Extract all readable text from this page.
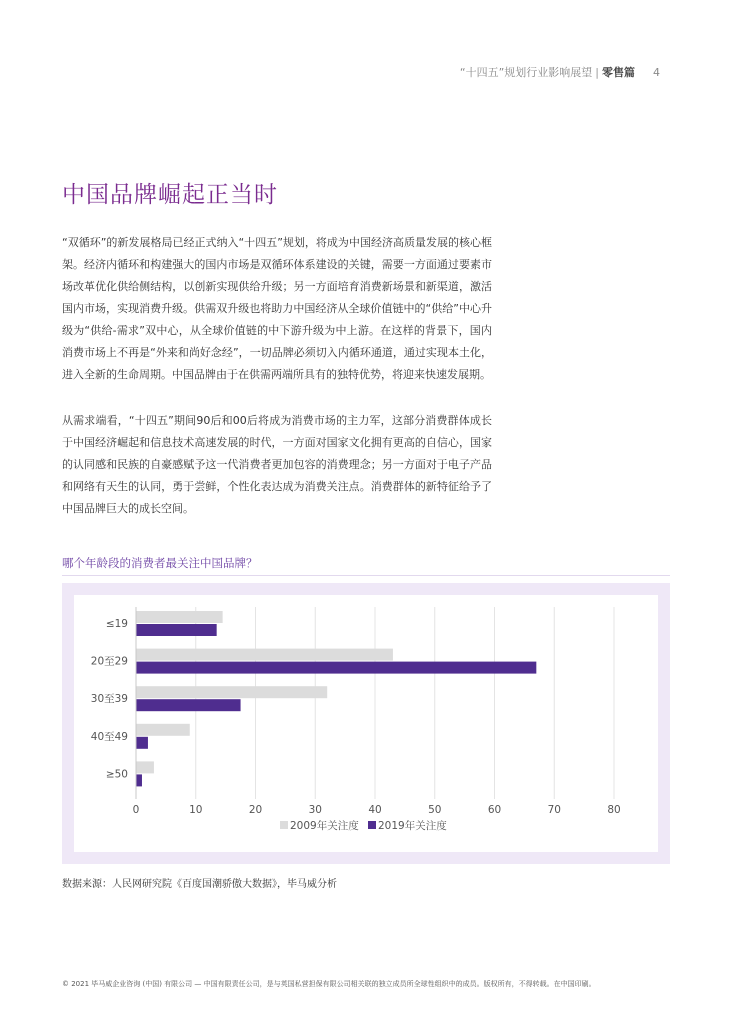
“十四五”规划行业影响展望 | 零售篇 4
中国品牌崛起正当时

“双循环”的新发展格局已经正式纳入“十四五”规划，将成为中国经济高质量发展的核心框架。经济内循环和构建强大的国内市场是双循环体系建设的关键，需要一方面通过要素市场改革优化供给侧结构，以创新实现供给升级；另一方面培育消费新场景和新渠道，激活国内市场，实现消费升级。供需双升级也将助力中国经济从全球价值链中的“供给”中心升级为“供给-需求”双中心，从全球价值链的中下游升级为中上游。在这样的背景下，国内消费市场上不再是“外来和尚好念经”，一切品牌必须切入内循环通道，通过实现本土化，进入全新的生命周期。中国品牌由于在供需两端所具有的独特优势，将迎来快速发展期。

从需求端看，“十四五”期间90后和00后将成为消费市场的主力军，这部分消费群体成长于中国经济崛起和信息技术高速发展的时代，一方面对国家文化拥有更高的自信心，国家的认同感和民族的自豪感赋予这一代消费者更加包容的消费理念；另一方面对于电子产品和网络有天生的认同，勇于尝鲜，个性化表达成为消费关注点。消费群体的新特征给予了中国品牌巨大的成长空间。

哪个年龄段的消费者最关注中国品牌？
≤19
20至29
30至39
40至49
≥50
0	10	20	30	40	50	60	70	80
2009年关注度 2019年关注度
数据来源：人民网研究院《百度国潮骄傲大数据》，毕马威分析
© 2021 毕马威企业咨询 (中国) 有限公司 — 中国有限责任公司，是与英国私营担保有限公司相关联的独立成员所全球性组织中的成员。版权所有，不得转载。在中国印刷。
